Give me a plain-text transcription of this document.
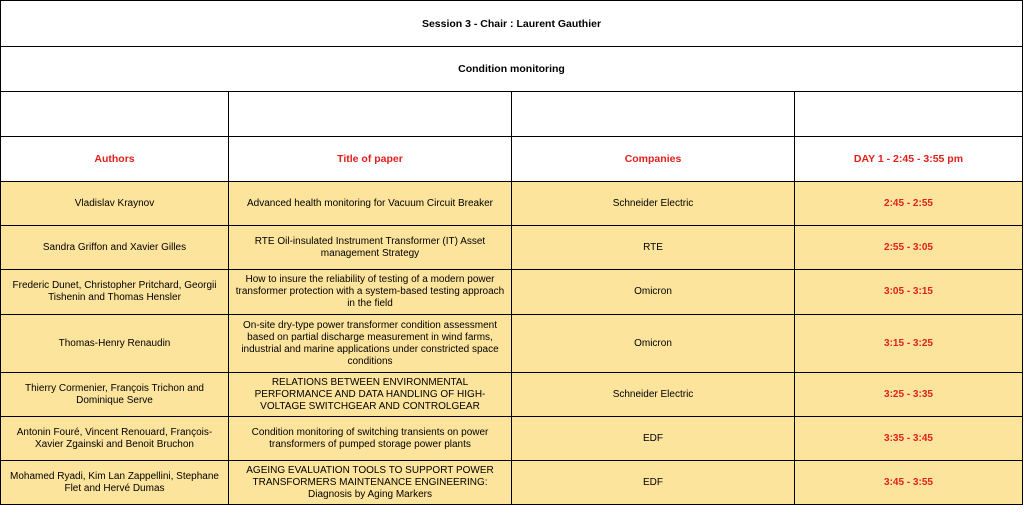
Session 3 - Chair : Laurent Gauthier			
Condition monitoring			

Authors	Title of paper	Companies	DAY 1 - 2:45 - 3:55 pm
Vladislav Kraynov	Advanced health monitoring for Vacuum Circuit Breaker	Schneider Electric	2:45 - 2:55
Sandra Griffon and Xavier Gilles	RTE Oil-insulated Instrument Transformer (IT) Asset management Strategy	RTE	2:55 - 3:05
Frederic Dunet, Christopher Pritchard, Georgii Tishenin and Thomas Hensler	How to insure the reliability of testing of a modern power transformer protection with a system-based testing approach in the field	Omicron	3:05 - 3:15
Thomas-Henry Renaudin	On-site dry-type power transformer condition assessment based on partial discharge measurement in wind farms, industrial and marine applications under constricted space conditions	Omicron	3:15 - 3:25
Thierry Cormenier, François Trichon and Dominique Serve	RELATIONS BETWEEN ENVIRONMENTAL PERFORMANCE AND DATA HANDLING OF HIGH-VOLTAGE SWITCHGEAR AND CONTROLGEAR	Schneider Electric	3:25 - 3:35
Antonin Fouré, Vincent Renouard, François-Xavier Zgainski and Benoit Bruchon	Condition monitoring of switching transients on power transformers of pumped storage power plants	EDF	3:35 - 3:45
Mohamed Ryadi, Kim Lan Zappellini, Stephane Flet and Hervé Dumas	AGEING EVALUATION TOOLS TO SUPPORT POWER TRANSFORMERS MAINTENANCE ENGINEERING: Diagnosis by Aging Markers	EDF	3:45 - 3:55
